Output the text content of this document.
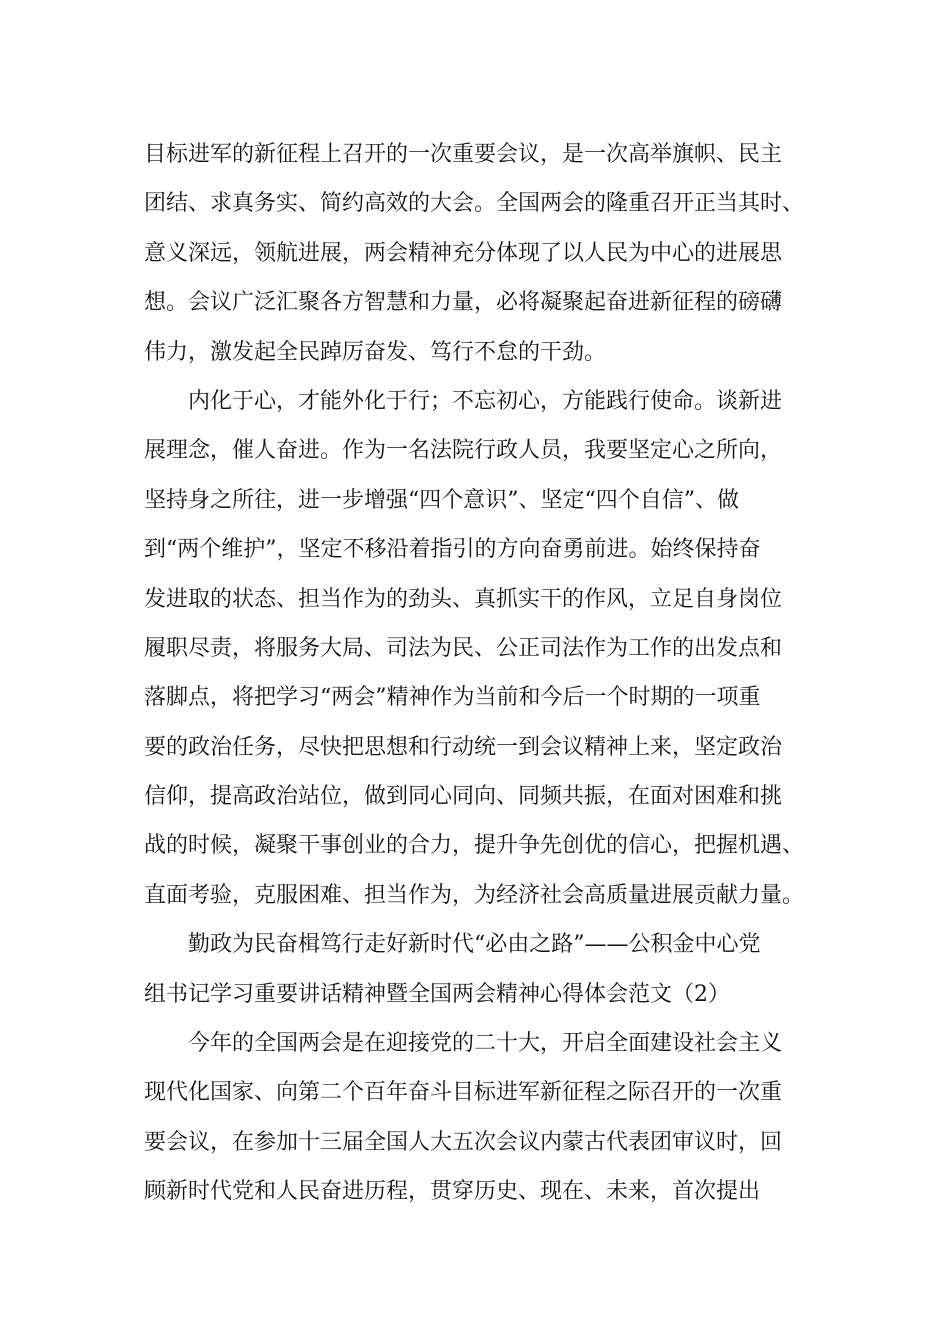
目标进军的新征程上召开的一次重要会议，是一次高举旗帜、民主
团结、求真务实、简约高效的大会。全国两会的隆重召开正当其时、
意义深远，领航进展，两会精神充分体现了以人民为中心的进展思
想。会议广泛汇聚各方智慧和力量，必将凝聚起奋进新征程的磅礴
伟力，激发起全民踔厉奋发、笃行不怠的干劲。
内化于心，才能外化于行；不忘初心，方能践行使命。谈新进
展理念，催人奋进。作为一名法院行政人员，我要坚定心之所向，
坚持身之所往，进一步增强“四个意识”、坚定“四个自信”、做
到“两个维护”，坚定不移沿着指引的方向奋勇前进。始终保持奋
发进取的状态、担当作为的劲头、真抓实干的作风，立足自身岗位
履职尽责，将服务大局、司法为民、公正司法作为工作的出发点和
落脚点，将把学习“两会”精神作为当前和今后一个时期的一项重
要的政治任务，尽快把思想和行动统一到会议精神上来，坚定政治
信仰，提高政治站位，做到同心同向、同频共振，在面对困难和挑
战的时候，凝聚干事创业的合力，提升争先创优的信心，把握机遇、
直面考验，克服困难、担当作为，为经济社会高质量进展贡献力量。
勤政为民奋楫笃行走好新时代“必由之路”——公积金中心党
组书记学习重要讲话精神暨全国两会精神心得体会范文（2）
今年的全国两会是在迎接党的二十大，开启全面建设社会主义
现代化国家、向第二个百年奋斗目标进军新征程之际召开的一次重
要会议，在参加十三届全国人大五次会议内蒙古代表团审议时，回
顾新时代党和人民奋进历程，贯穿历史、现在、未来，首次提出
